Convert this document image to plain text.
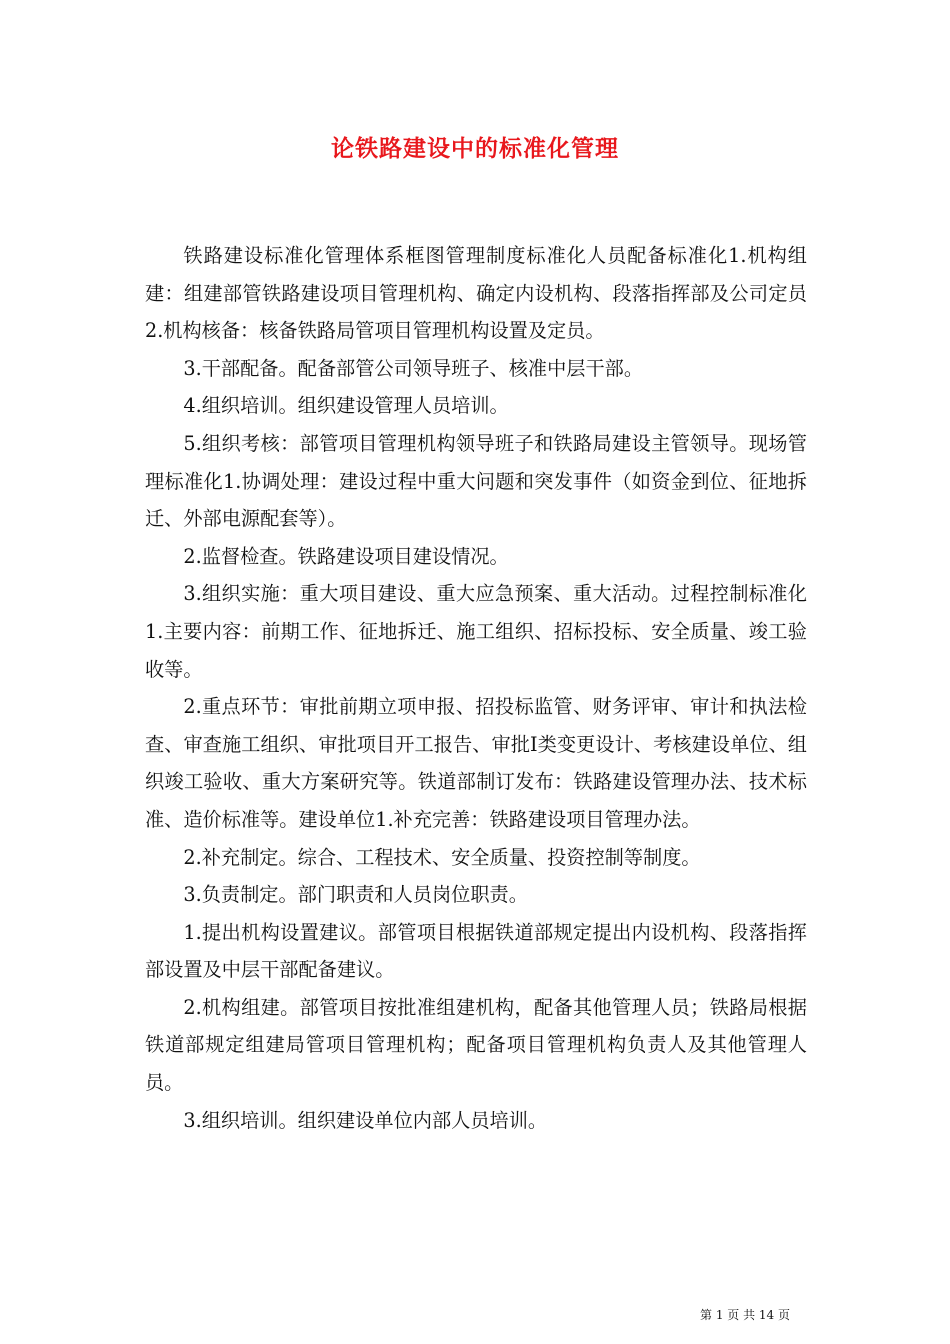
论铁路建设中的标准化管理

铁路建设标准化管理体系框图管理制度标准化人员配备标准化1.机构组建：组建部管铁路建设项目管理机构、确定内设机构、段落指挥部及公司定员2.机构核备：核备铁路局管项目管理机构设置及定员。

3.干部配备。配备部管公司领导班子、核准中层干部。

4.组织培训。组织建设管理人员培训。

5.组织考核：部管项目管理机构领导班子和铁路局建设主管领导。现场管理标准化1.协调处理：建设过程中重大问题和突发事件（如资金到位、征地拆迁、外部电源配套等）。

2.监督检查。铁路建设项目建设情况。

3.组织实施：重大项目建设、重大应急预案、重大活动。过程控制标准化1.主要内容：前期工作、征地拆迁、施工组织、招标投标、安全质量、竣工验收等。

2.重点环节：审批前期立项申报、招投标监管、财务评审、审计和执法检查、审查施工组织、审批项目开工报告、审批Ⅰ类变更设计、考核建设单位、组织竣工验收、重大方案研究等。铁道部制订发布：铁路建设管理办法、技术标准、造价标准等。建设单位1.补充完善：铁路建设项目管理办法。

2.补充制定。综合、工程技术、安全质量、投资控制等制度。

3.负责制定。部门职责和人员岗位职责。

1.提出机构设置建议。部管项目根据铁道部规定提出内设机构、段落指挥部设置及中层干部配备建议。

2.机构组建。部管项目按批准组建机构，配备其他管理人员；铁路局根据铁道部规定组建局管项目管理机构；配备项目管理机构负责人及其他管理人员。

3.组织培训。组织建设单位内部人员培训。

第 1 页 共 14 页
